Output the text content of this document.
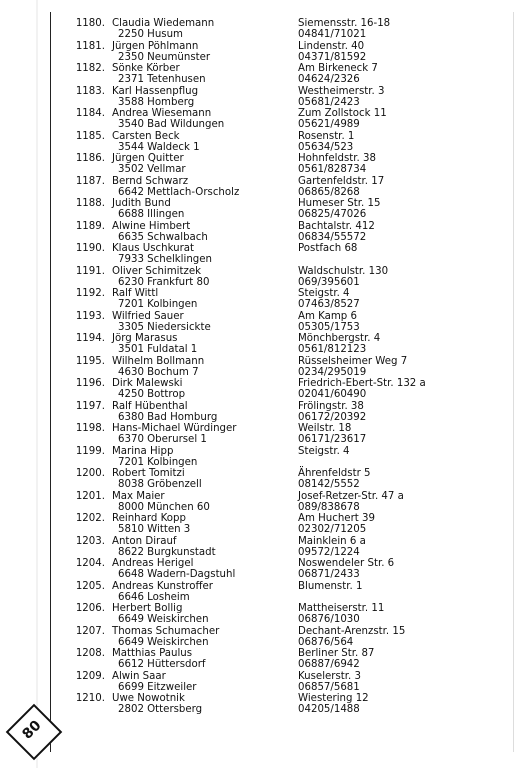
1180. Claudia Wiedemann	Siemensstr. 16-18
2250 Husum	04841/71021
1181. Jürgen Pöhlmann	Lindenstr. 40
2350 Neumünster	04371/81592
1182. Sönke Körber	Am Birkeneck 7
2371 Tetenhusen	04624/2326
1183. Karl Hassenpflug	Westheimerstr. 3
3588 Homberg	05681/2423
1184. Andrea Wiesemann	Zum Zollstock 11
3540 Bad Wildungen	05621/4989
1185. Carsten Beck	Rosenstr. 1
3544 Waldeck 1	05634/523
1186. Jürgen Quitter	Hohnfeldstr. 38
3502 Vellmar	0561/828734
1187. Bernd Schwarz	Gartenfeldstr. 17
6642 Mettlach-Orscholz	06865/8268
1188. Judith Bund	Humeser Str. 15
6688 Illingen	06825/47026
1189. Alwine Himbert	Bachtalstr. 412
6635 Schwalbach	06834/55572
1190. Klaus Uschkurat	Postfach 68
7933 Schelklingen
1191. Oliver Schimitzek	Waldschulstr. 130
6230 Frankfurt 80	069/395601
1192. Ralf Wittl	Steigstr. 4
7201 Kolbingen	07463/8527
1193. Wilfried Sauer	Am Kamp 6
3305 Niedersickte	05305/1753
1194. Jörg Marasus	Mönchbergstr. 4
3501 Fuldatal 1	0561/812123
1195. Wilhelm Bollmann	Rüsselsheimer Weg 7
4630 Bochum 7	0234/295019
1196. Dirk Malewski	Friedrich-Ebert-Str. 132 a
4250 Bottrop	02041/60490
1197. Ralf Hübenthal	Frölingstr. 38
6380 Bad Homburg	06172/20392
1198. Hans-Michael Würdinger	Weilstr. 18
6370 Oberursel 1	06171/23617
1199. Marina Hipp	Steigstr. 4
7201 Kolbingen
1200. Robert Tomitzi	Ährenfeldstr 5
8038 Gröbenzell	08142/5552
1201. Max Maier	Josef-Retzer-Str. 47 a
8000 München 60	089/838678
1202. Reinhard Kopp	Am Huchert 39
5810 Witten 3	02302/71205
1203. Anton Dirauf	Mainklein 6 a
8622 Burgkunstadt	09572/1224
1204. Andreas Herigel	Noswendeler Str. 6
6648 Wadern-Dagstuhl	06871/2433
1205. Andreas Kunstroffer	Blumenstr. 1
6646 Losheim
1206. Herbert Bollig	Mattheiserstr. 11
6649 Weiskirchen	06876/1030
1207. Thomas Schumacher	Dechant-Arenzstr. 15
6649 Weiskirchen	06876/564
1208. Matthias Paulus	Berliner Str. 87
6612 Hüttersdorf	06887/6942
1209. Alwin Saar	Kuselerstr. 3
6699 Eitzweiler	06857/5681
1210. Uwe Nowotnik	Wiestering 12
2802 Ottersberg	04205/1488
80
